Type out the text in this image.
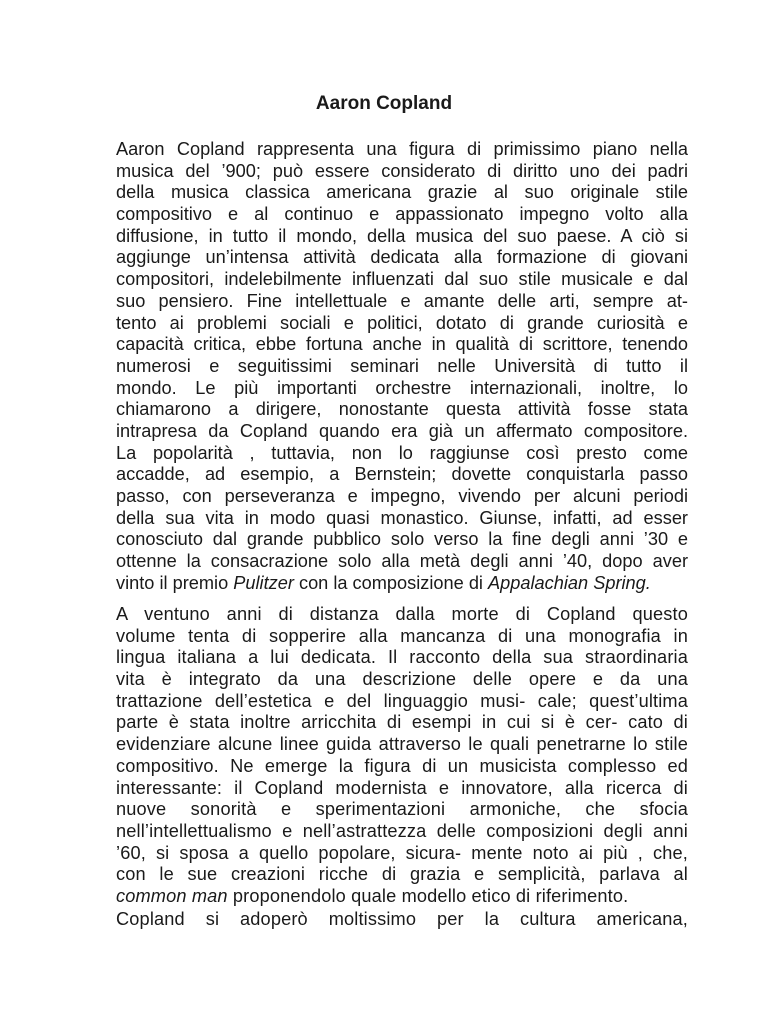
Aaron Copland
Aaron Copland rappresenta una figura di primissimo piano nella
musica del ’900; può essere considerato di diritto uno dei padri
della musica classica americana grazie al suo originale stile
compositivo e al continuo e appassionato impegno volto alla
diffusione, in tutto il mondo, della musica del suo paese. A ciò si
aggiunge un’intensa attività dedicata alla formazione di giovani
compositori, indelebilmente influenzati dal suo stile musicale e dal
suo pensiero. Fine intellettuale e amante delle arti, sempre at-
tento ai problemi sociali e politici, dotato di grande curiosità e
capacità critica, ebbe fortuna anche in qualità di scrittore, tenendo
numerosi e seguitissimi seminari nelle Università di tutto il
mondo. Le più importanti orchestre internazionali, inoltre, lo
chiamarono a dirigere, nonostante questa attività fosse stata
intrapresa da Copland quando era già un affermato compositore.
La popolarità , tuttavia, non lo raggiunse così presto come
accadde, ad esempio, a Bernstein; dovette conquistarla passo
passo, con perseveranza e impegno, vivendo per alcuni periodi
della sua vita in modo quasi monastico. Giunse, infatti, ad esser
conosciuto dal grande pubblico solo verso la fine degli anni ’30 e
ottenne la consacrazione solo alla metà degli anni ’40, dopo aver
vinto il premio Pulitzer con la composizione di Appalachian Spring.
A ventuno anni di distanza dalla morte di Copland questo
volume tenta di sopperire alla mancanza di una monografia in
lingua italiana a lui dedicata. Il racconto della sua straordinaria
vita è integrato da una descrizione delle opere e da una
trattazione dell’estetica e del linguaggio musi- cale; quest’ultima
parte è stata inoltre arricchita di esempi in cui si è cer- cato di
evidenziare alcune linee guida attraverso le quali penetrarne lo stile
compositivo. Ne emerge la figura di un musicista complesso ed
interessante: il Copland modernista e innovatore, alla ricerca di
nuove sonorità e sperimentazioni armoniche, che sfocia
nell’intellettualismo e nell’astrattezza delle composizioni degli anni
’60, si sposa a quello popolare, sicura- mente noto ai più , che,
con le sue creazioni ricche di grazia e semplicità, parlava al
common man proponendolo quale modello etico di riferimento.
Copland si adoperò moltissimo per la cultura americana,
